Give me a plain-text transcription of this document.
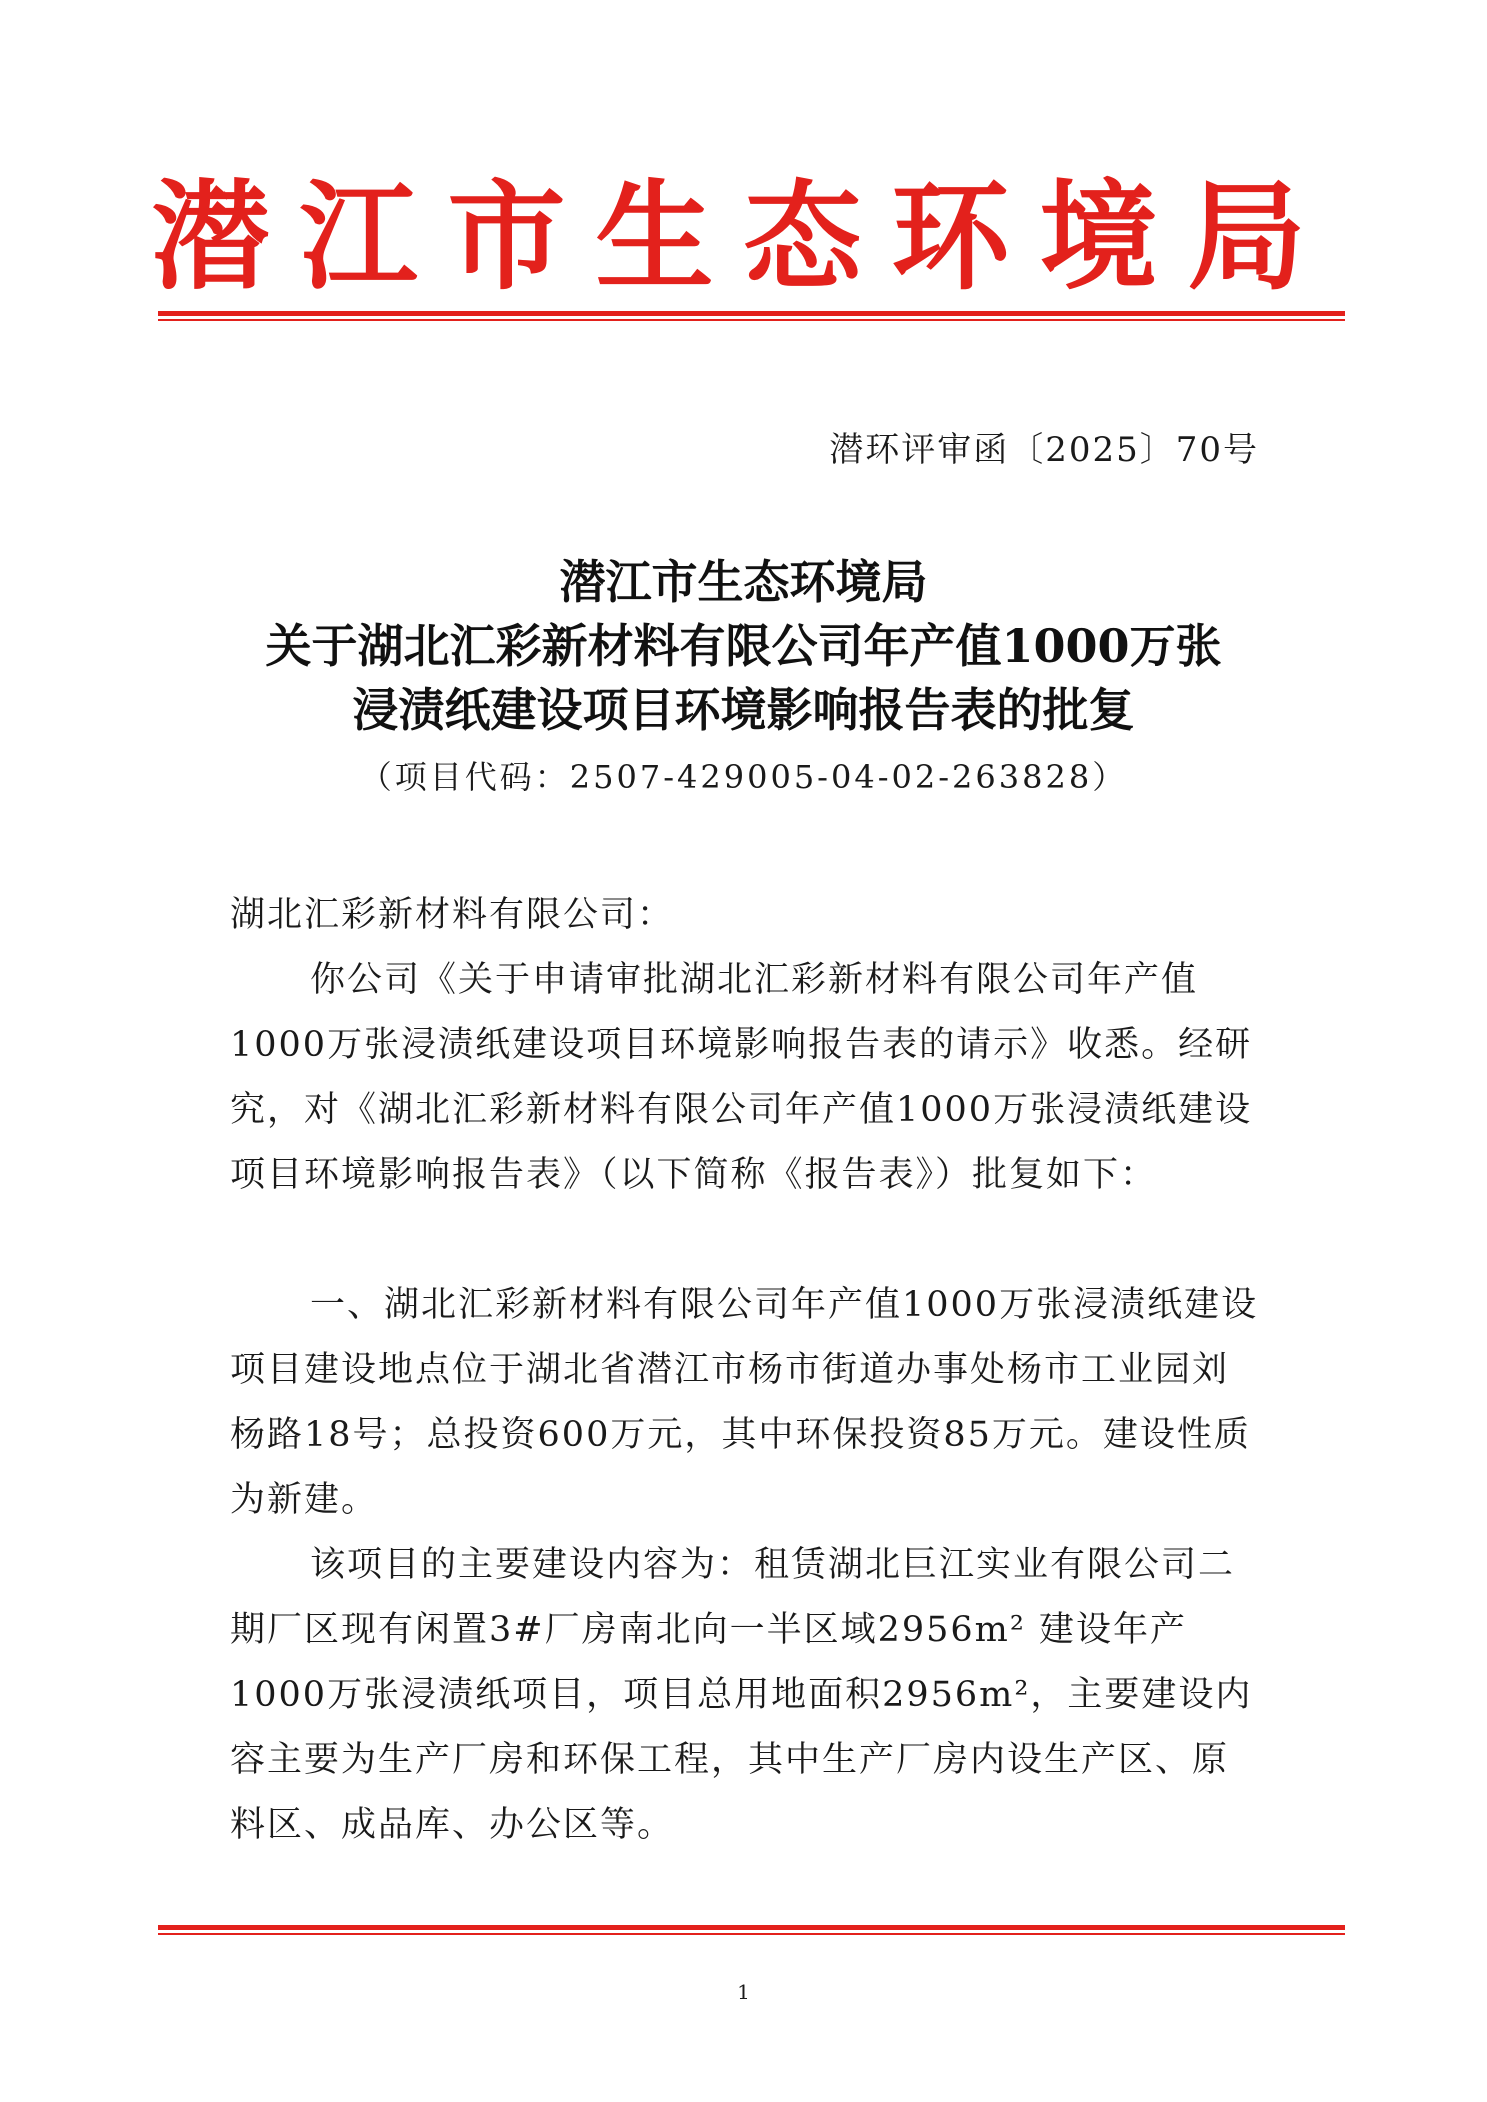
潜江市生态环境局
潜环评审函〔2025〕70号
潜江市生态环境局
关于湖北汇彩新材料有限公司年产值1000万张
浸渍纸建设项目环境影响报告表的批复
（项目代码：2507-429005-04-02-263828）
湖北汇彩新材料有限公司：

你公司《关于申请审批湖北汇彩新材料有限公司年产值1000万张浸渍纸建设项目环境影响报告表的请示》收悉。经研究，对《湖北汇彩新材料有限公司年产值1000万张浸渍纸建设项目环境影响报告表》（以下简称《报告表》）批复如下：

一、湖北汇彩新材料有限公司年产值1000万张浸渍纸建设项目建设地点位于湖北省潜江市杨市街道办事处杨市工业园刘杨路18号；总投资600万元，其中环保投资85万元。建设性质为新建。

该项目的主要建设内容为：租赁湖北巨江实业有限公司二期厂区现有闲置3#厂房南北向一半区域2956m² 建设年产1000万张浸渍纸项目，项目总用地面积2956m²，主要建设内容主要为生产厂房和环保工程，其中生产厂房内设生产区、原料区、成品库、办公区等。

1
